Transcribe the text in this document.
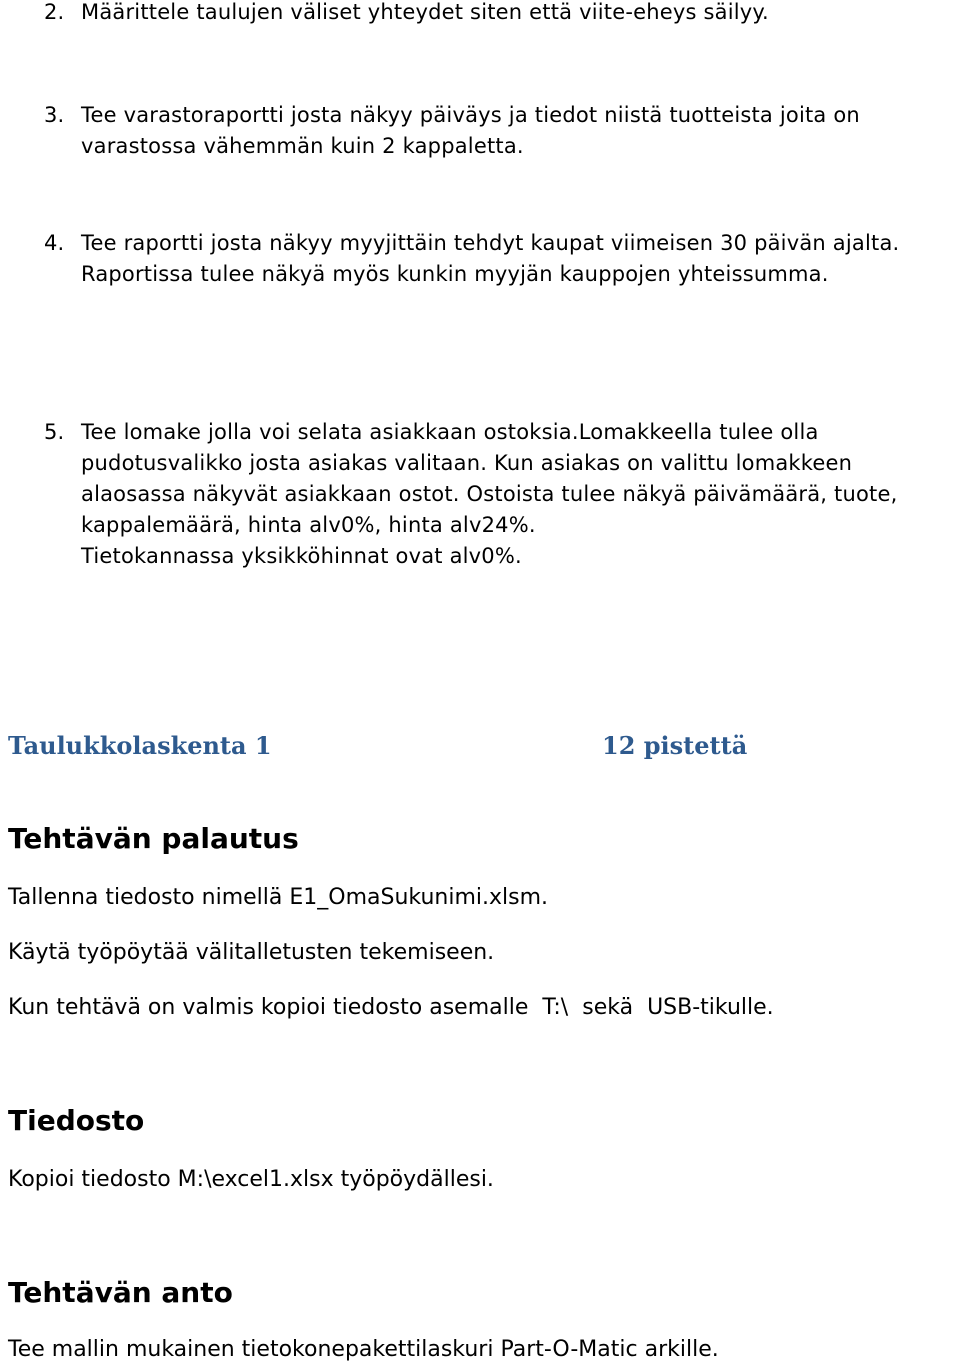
2. Määrittele taulujen väliset yhteydet siten että viite-eheys säilyy.
3. Tee varastoraportti josta näkyy päiväys ja tiedot niistä tuotteista joita on
varastossa vähemmän kuin 2 kappaletta.
4. Tee raportti josta näkyy myyjittäin tehdyt kaupat viimeisen 30 päivän ajalta.
Raportissa tulee näkyä myös kunkin myyjän kauppojen yhteissumma.
5. Tee lomake jolla voi selata asiakkaan ostoksia.Lomakkeella tulee olla
pudotusvalikko josta asiakas valitaan. Kun asiakas on valittu lomakkeen
alaosassa näkyvät asiakkaan ostot. Ostoista tulee näkyä päivämäärä, tuote,
kappalemäärä, hinta alv0%, hinta alv24%.
Tietokannassa yksikköhinnat ovat alv0%.
Taulukkolaskenta 1	12 pistettä
Tehtävän palautus
Tallenna tiedosto nimellä E1_OmaSukunimi.xlsm.
Käytä työpöytää välitalletusten tekemiseen.
Kun tehtävä on valmis kopioi tiedosto asemalle T:\ sekä USB-tikulle.
Tiedosto
Kopioi tiedosto M:\excel1.xlsx työpöydällesi.
Tehtävän anto
Tee mallin mukainen tietokonepakettilaskuri Part-O-Matic arkille.
